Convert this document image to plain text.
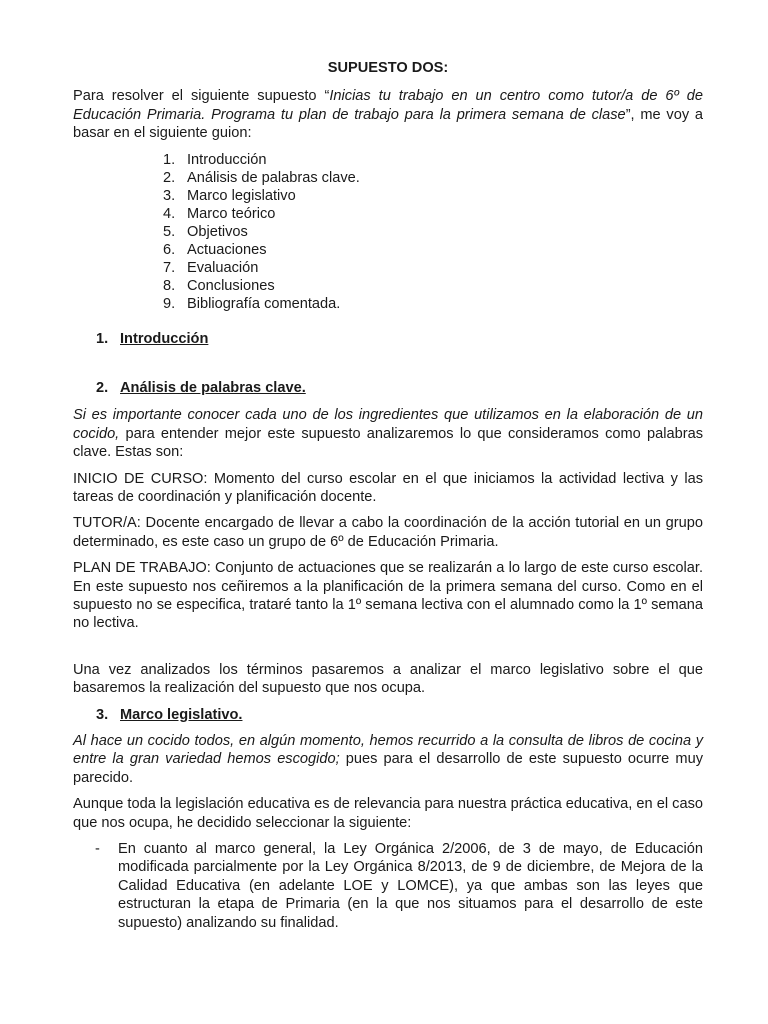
SUPUESTO DOS:

Para resolver el siguiente supuesto “Inicias tu trabajo en un centro como tutor/a de 6º de Educación Primaria. Programa tu plan de trabajo para la primera semana de clase”, me voy a basar en el siguiente guion:

1. Introducción
2. Análisis de palabras clave.
3. Marco legislativo
4. Marco teórico
5. Objetivos
6. Actuaciones
7. Evaluación
8. Conclusiones
9. Bibliografía comentada.

1. Introducción

2. Análisis de palabras clave.

Si es importante conocer cada uno de los ingredientes que utilizamos en la elaboración de un cocido, para entender mejor este supuesto analizaremos lo que consideramos como palabras clave. Estas son:

INICIO DE CURSO: Momento del curso escolar en el que iniciamos la actividad lectiva y las tareas de coordinación y planificación docente.

TUTOR/A: Docente encargado de llevar a cabo la coordinación de la acción tutorial en un grupo determinado, es este caso un grupo de 6º de Educación Primaria.

PLAN DE TRABAJO: Conjunto de actuaciones que se realizarán a lo largo de este curso escolar. En este supuesto nos ceñiremos a la planificación de la primera semana del curso. Como en el supuesto no se especifica, trataré tanto la 1º semana lectiva con el alumnado como la 1º semana no lectiva.

Una vez analizados los términos pasaremos a analizar el marco legislativo sobre el que basaremos la realización del supuesto que nos ocupa.

3. Marco legislativo.

Al hace un cocido todos, en algún momento, hemos recurrido a la consulta de libros de cocina y entre la gran variedad hemos escogido; pues para el desarrollo de este supuesto ocurre muy parecido.

Aunque toda la legislación educativa es de relevancia para nuestra práctica educativa, en el caso que nos ocupa, he decidido seleccionar la siguiente:

- En cuanto al marco general, la Ley Orgánica 2/2006, de 3 de mayo, de Educación modificada parcialmente por la Ley Orgánica 8/2013, de 9 de diciembre, de Mejora de la Calidad Educativa (en adelante LOE y LOMCE), ya que ambas son las leyes que estructuran la etapa de Primaria (en la que nos situamos para el desarrollo de este supuesto) analizando su finalidad.
